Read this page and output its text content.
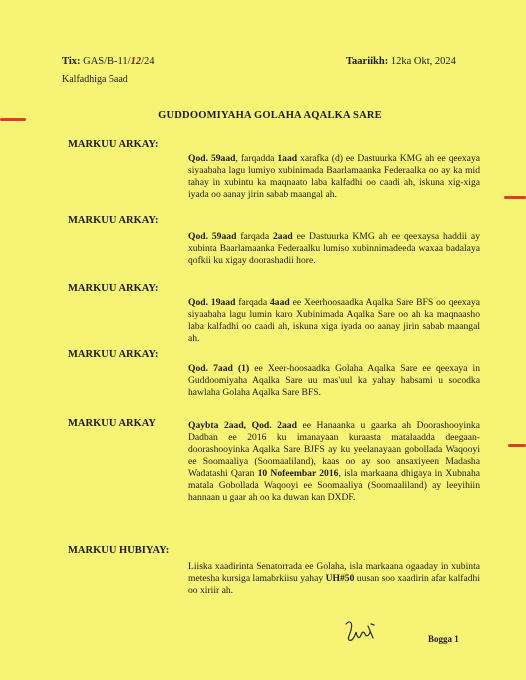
Tix: GAS/B-11/12/24
Kalfadhiga 5aad
Taariikh: 12ka Okt, 2024
GUDDOOMIYAHA GOLAHA AQALKA SARE
MARKUU ARKAY:
Qod. 59aad, farqadda 1aad xarafka (d) ee Dastuurka KMG ah ee qeexaya siyaabaha lagu lumiyo xubinimada Baarlamaanka Federaalka oo ay ka mid tahay in xubintu ka maqnaato laba kalfadhi oo caadi ah, iskuna xig-xiga iyada oo aanay jirin sabab maangal ah.
MARKUU ARKAY:
Qod. 59aad farqada 2aad ee Dastuurka KMG ah ee qeexaysa haddii ay xubinta Baarlamaanka Federaalku lumiso xubinnimadeeda waxaa badalaya qofkii ku xigay doorashadii hore.
MARKUU ARKAY:
Qod. 19aad farqada 4aad ee Xeerhoosaadka Aqalka Sare BFS oo qeexaya siyaabaha lagu lumin karo Xubinimada Aqalka Sare oo ah ka maqnaasho laba kalfadhi oo caadi ah, iskuna xiga iyada oo aanay jirin sabab maangal ah.
MARKUU ARKAY:
Qod. 7aad (1) ee Xeer-hoosaadka Golaha Aqalka Sare ee qeexaya in Guddoomiyaha Aqalka Sare uu mas'uul ka yahay habsami u socodka hawlaha Golaha Aqalka Sare BFS.
MARKUU ARKAY	Qaybta 2aad, Qod. 2aad ee Hanaanka u gaarka ah Doorashooyinka Dadban ee 2016 ku imanayaan kuraasta matalaadda deegaan-doorashooyinka Aqalka Sare BJFS ay ku yeelanayaan gobollada Waqooyi ee Soomaaliya (Soomaaliland), kaas oo ay soo ansaxiyeen Madasha Wadatashi Qaran 10 Nofeembar 2016, isla markaana dhigaya in Xubnaha matala Gobollada Waqooyi ee Soomaaliya (Soomaaliland) ay leeyihiin hannaan u gaar ah oo ka duwan kan DXDF.
MARKUU HUBIYAY:
Liiska xaadirinta Senatorrada ee Golaha, isla markaana ogaaday in xubinta metesha kursiga lamabrkiisu yahay UH#50 uusan soo xaadirin afar kalfadhi oo xiriir ah.
Bogga 1
